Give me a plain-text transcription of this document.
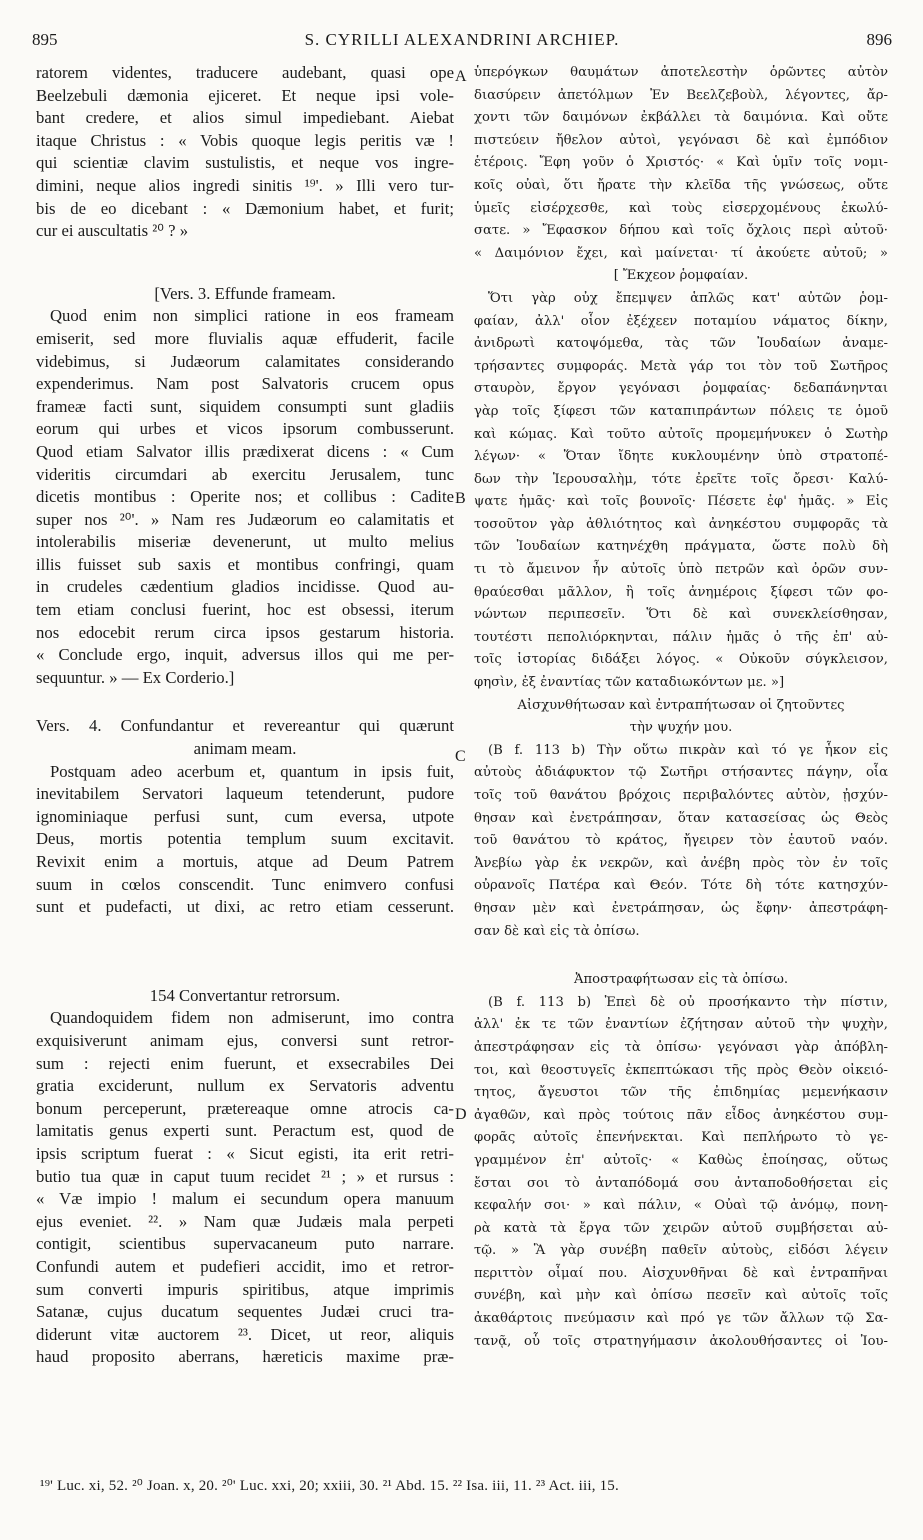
895	S. CYRILLI ALEXANDRINI ARCHIEP.	896
ratorem videntes, traducere audebant, quasi ope
Beelzebuli dæmonia ejiceret. Et neque ipsi vole-
bant credere, et alios simul impediebant. Aiebat
itaque Christus : « Vobis quoque legis peritis væ !
qui scientiæ clavim sustulistis, et neque vos ingre-
dimini, neque alios ingredi sinitis ¹⁹'. » Illi vero tur-
bis de eo dicebant : « Dæmonium habet, et furit;
cur ei auscultatis ²⁰ ? »
[Vers. 3. Effunde frameam.
Quod enim non simplici ratione in eos frameam
emiserit, sed more fluvialis aquæ effuderit, facile
videbimus, si Judæorum calamitates considerando
expenderimus. Nam post Salvatoris crucem opus
frameæ facti sunt, siquidem consumpti sunt gladiis
eorum qui urbes et vicos ipsorum combusserunt.
Quod etiam Salvator illis prædixerat dicens : « Cum
videritis circumdari ab exercitu Jerusalem, tunc
dicetis montibus : Operite nos; et collibus : Cadite
super nos ²⁰'. » Nam res Judæorum eo calamitatis et
intolerabilis miseriæ devenerunt, ut multo melius
illis fuisset sub saxis et montibus confringi, quam
in crudeles cædentium gladios incidisse. Quod au-
tem etiam conclusi fuerint, hoc est obsessi, iterum
nos edocebit rerum circa ipsos gestarum historia.
« Conclude ergo, inquit, adversus illos qui me per-
sequuntur. » — Ex Corderio.]
Vers. 4. Confundantur et revereantur qui quærunt
animam meam.
Postquam adeo acerbum et, quantum in ipsis fuit,
inevitabilem Servatori laqueum tetenderunt, pudore
ignominiaque perfusi sunt, cum eversa, utpote
Deus, mortis potentia templum suum excitavit.
Revixit enim a mortuis, atque ad Deum Patrem
suum in cœlos conscendit. Tunc enimvero confusi
sunt et pudefacti, ut dixi, ac retro etiam cesserunt.
154 Convertantur retrorsum.
Quandoquidem fidem non admiserunt, imo contra
exquisiverunt animam ejus, conversi sunt retror-
sum : rejecti enim fuerunt, et exsecrabiles Dei
gratia exciderunt, nullum ex Servatoris adventu
bonum perceperunt, prætereaque omne atrocis ca-
lamitatis genus experti sunt. Peractum est, quod de
ipsis scriptum fuerat : « Sicut egisti, ita erit retri-
butio tua quæ in caput tuum recidet ²¹ ; » et rursus :
« Væ impio ! malum ei secundum opera manuum
ejus eveniet. ²². » Nam quæ Judæis mala perpeti
contigit, scientibus supervacaneum puto narrare.
Confundi autem et pudefieri accidit, imo et retror-
sum converti impuris spiritibus, atque imprimis
Satanæ, cujus ducatum sequentes Judæi cruci tra-
diderunt vitæ auctorem ²³. Dicet, ut reor, aliquis
haud proposito aberrans, hæreticis maxime præ-
A
B
C
D
ὑπερόγκων θαυμάτων ἀποτελεστὴν ὁρῶντες αὐτὸν
διασύρειν ἀπετόλμων Ἐν Βεελζεβοὺλ, λέγοντες, ἄρ-
χοντι τῶν δαιμόνων ἐκβάλλει τὰ δαιμόνια. Καὶ οὔτε
πιστεύειν ἤθελον αὐτοὶ, γεγόνασι δὲ καὶ ἐμπόδιον
ἑτέροις. Ἔφη γοῦν ὁ Χριστός· « Καὶ ὑμῖν τοῖς νομι-
κοῖς οὐαὶ, ὅτι ἤρατε τὴν κλεῖδα τῆς γνώσεως, οὔτε
ὑμεῖς εἰσέρχεσθε, καὶ τοὺς εἰσερχομένους ἐκωλύ-
σατε. » Ἔφασκον δήπου καὶ τοῖς ὄχλοις περὶ αὐτοῦ·
« Δαιμόνιον ἔχει, καὶ μαίνεται· τί ἀκούετε αὐτοῦ; »
[ Ἔκχεον ῥομφαίαν.
Ὅτι γὰρ οὐχ ἔπεμψεν ἁπλῶς κατ' αὐτῶν ῥομ-
φαίαν, ἀλλ' οἷον ἐξέχεεν ποταμίου νάματος δίκην,
ἀνιδρωτὶ κατοψόμεθα, τὰς τῶν Ἰουδαίων ἀναμε-
τρήσαντες συμφοράς. Μετὰ γάρ τοι τὸν τοῦ Σωτῆρος
σταυρὸν, ἔργον γεγόνασι ῥομφαίας· δεδαπάνηνται
γὰρ τοῖς ξίφεσι τῶν καταπιπράντων πόλεις τε ὁμοῦ
καὶ κώμας. Καὶ τοῦτο αὐτοῖς προμεμήνυκεν ὁ Σωτὴρ
λέγων· « Ὅταν ἴδητε κυκλουμένην ὑπὸ στρατοπέ-
δων τὴν Ἱερουσαλὴμ, τότε ἐρεῖτε τοῖς ὄρεσι· Καλύ-
ψατε ἡμᾶς· καὶ τοῖς βουνοῖς· Πέσετε ἐφ' ἡμᾶς. » Εἰς
τοσοῦτον γὰρ ἀθλιότητος καὶ ἀνηκέστου συμφορᾶς τὰ
τῶν Ἰουδαίων κατηνέχθη πράγματα, ὥστε πολὺ δὴ
τι τὸ ἄμεινον ἦν αὐτοῖς ὑπὸ πετρῶν καὶ ὀρῶν συν-
θραύεσθαι μᾶλλον, ἢ τοῖς ἀνημέροις ξίφεσι τῶν φο-
νώντων περιπεσεῖν. Ὅτι δὲ καὶ συνεκλείσθησαν,
τουτέστι πεπολιόρκηνται, πάλιν ἡμᾶς ὁ τῆς ἐπ' αὐ-
τοῖς ἱστορίας διδάξει λόγος. « Οὐκοῦν σύγκλεισον,
φησὶν, ἐξ ἐναντίας τῶν καταδιωκόντων με. »]
Αἰσχυνθήτωσαν καὶ ἐντραπήτωσαν οἱ ζητοῦντες
τὴν ψυχήν μου.
(B f. 113 b) Τὴν οὕτω πικρὰν καὶ τό γε ἧκον εἰς
αὐτοὺς ἀδιάφυκτον τῷ Σωτῆρι στήσαντες πάγην, οἷα
τοῖς τοῦ θανάτου βρόχοις περιβαλόντες αὐτὸν, ᾐσχύν-
θησαν καὶ ἐνετράπησαν, ὅταν κατασείσας ὡς Θεὸς
τοῦ θανάτου τὸ κράτος, ἤγειρεν τὸν ἑαυτοῦ ναόν.
Ἀνεβίω γὰρ ἐκ νεκρῶν, καὶ ἀνέβη πρὸς τὸν ἐν τοῖς
οὐρανοῖς Πατέρα καὶ Θεόν. Τότε δὴ τότε κατησχύν-
θησαν μὲν καὶ ἐνετράπησαν, ὡς ἔφην· ἀπεστράφη-
σαν δὲ καὶ εἰς τὰ ὀπίσω.
Ἀποστραφήτωσαν εἰς τὰ ὀπίσω.
(B f. 113 b) Ἐπεὶ δὲ οὐ προσήκαντο τὴν πίστιν,
ἀλλ' ἐκ τε τῶν ἐναντίων ἐζήτησαν αὐτοῦ τὴν ψυχὴν,
ἀπεστράφησαν εἰς τὰ ὀπίσω· γεγόνασι γὰρ ἀπόβλη-
τοι, καὶ θεοστυγεῖς ἐκπεπτώκασι τῆς πρὸς Θεὸν οἰκειό-
τητος, ἄγευστοι τῶν τῆς ἐπιδημίας μεμενήκασιν
ἀγαθῶν, καὶ πρὸς τούτοις πᾶν εἶδος ἀνηκέστου συμ-
φορᾶς αὐτοῖς ἐπενήνεκται. Καὶ πεπλήρωτο τὸ γε-
γραμμένον ἐπ' αὐτοῖς· « Καθὼς ἐποίησας, οὕτως
ἔσται σοι τὸ ἀνταπόδομά σου ἀνταποδοθήσεται εἰς
κεφαλήν σοι· » καὶ πάλιν, « Οὐαὶ τῷ ἀνόμῳ, πονη-
ρὰ κατὰ τὰ ἔργα τῶν χειρῶν αὐτοῦ συμβήσεται αὐ-
τῷ. » Ἃ γὰρ συνέβη παθεῖν αὐτοὺς, εἰδόσι λέγειν
περιττὸν οἶμαί που. Αἰσχυνθῆναι δὲ καὶ ἐντραπῆναι
συνέβη, καὶ μὴν καὶ ὀπίσω πεσεῖν καὶ αὐτοῖς τοῖς
ἀκαθάρτοις πνεύμασιν καὶ πρό γε τῶν ἄλλων τῷ Σα-
τανᾷ, οὗ τοῖς στρατηγήμασιν ἀκολουθήσαντες οἱ Ἰου-
¹⁹' Luc. xi, 52. ²⁰ Joan. x, 20. ²⁰' Luc. xxi, 20; xxiii, 30. ²¹ Abd. 15. ²² Isa. iii, 11. ²³ Act. iii, 15.
